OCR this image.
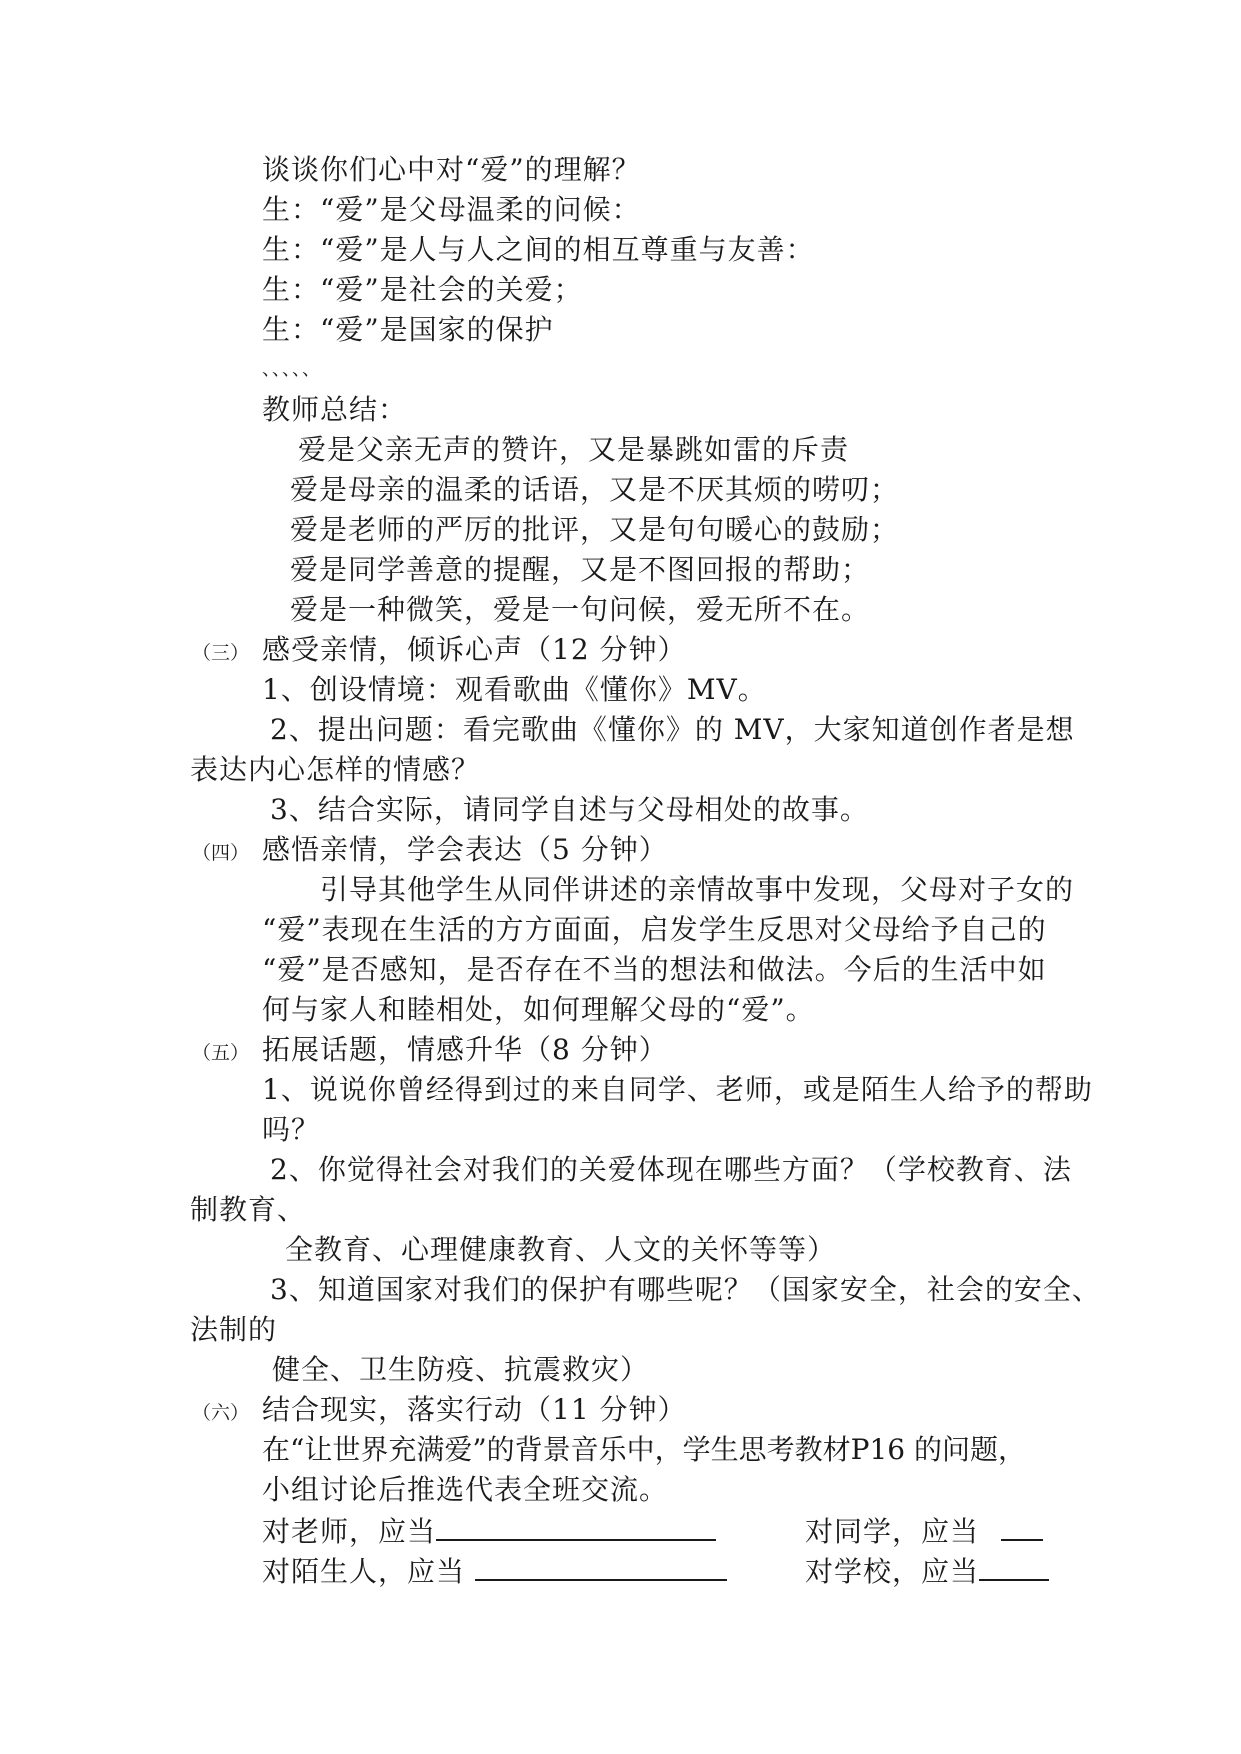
谈谈你们心中对“爱”的理解？
生：“爱”是父母温柔的问候：
生：“爱”是人与人之间的相互尊重与友善：
生：“爱”是社会的关爱；
生：“爱”是国家的保护
、、、、、
教师总结：
爱是父亲无声的赞许，又是暴跳如雷的斥责
爱是母亲的温柔的话语，又是不厌其烦的唠叨；
爱是老师的严厉的批评，又是句句暖心的鼓励；
爱是同学善意的提醒，又是不图回报的帮助；
爱是一种微笑，爱是一句问候，爱无所不在。
（三） 感受亲情，倾诉心声（12 分钟）
1、创设情境：观看歌曲《懂你》MV。
2、提出问题：看完歌曲《懂你》的 MV，大家知道创作者是想
表达内心怎样的情感？
3、结合实际，请同学自述与父母相处的故事。
（四） 感悟亲情，学会表达（5 分钟）
引导其他学生从同伴讲述的亲情故事中发现，父母对子女的
“爱”表现在生活的方方面面，启发学生反思对父母给予自己的
“爱”是否感知，是否存在不当的想法和做法。今后的生活中如
何与家人和睦相处，如何理解父母的“爱”。
（五） 拓展话题，情感升华（8 分钟）
1、说说你曾经得到过的来自同学、老师，或是陌生人给予的帮助
吗？
2、你觉得社会对我们的关爱体现在哪些方面？（学校教育、法
制教育、
全教育、心理健康教育、人文的关怀等等）
3、知道国家对我们的保护有哪些呢？（国家安全，社会的安全、
法制的
健全、卫生防疫、抗震救灾）
（六） 结合现实，落实行动（11 分钟）
在“让世界充满爱”的背景音乐中，学生思考教材P16 的问题，
小组讨论后推选代表全班交流。
对老师，应当	对同学，应当
对陌生人，应当	对学校，应当
